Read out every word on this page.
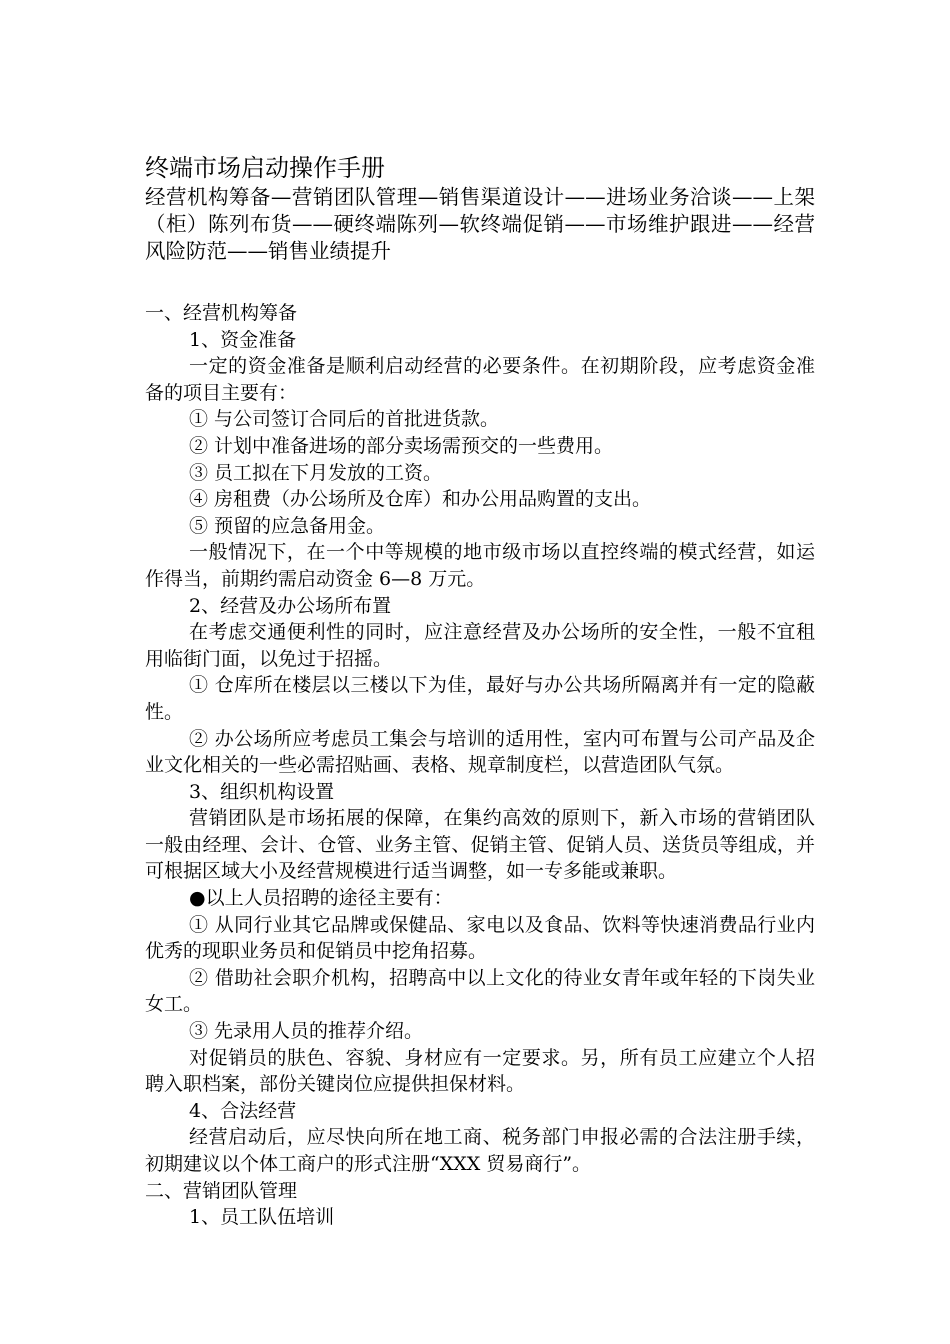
终端市场启动操作手册

经营机构筹备—营销团队管理—销售渠道设计——进场业务洽谈——上架（柜）陈列布货——硬终端陈列—软终端促销——市场维护跟进——经营风险防范——销售业绩提升

一、经营机构筹备

1、资金准备

一定的资金准备是顺利启动经营的必要条件。在初期阶段，应考虑资金准备的项目主要有：

① 与公司签订合同后的首批进货款。

② 计划中准备进场的部分卖场需预交的一些费用。

③ 员工拟在下月发放的工资。

④ 房租费（办公场所及仓库）和办公用品购置的支出。

⑤ 预留的应急备用金。

一般情况下，在一个中等规模的地市级市场以直控终端的模式经营，如运作得当，前期约需启动资金 6—8 万元。

2、经营及办公场所布置

在考虑交通便利性的同时，应注意经营及办公场所的安全性，一般不宜租用临街门面，以免过于招摇。

① 仓库所在楼层以三楼以下为佳，最好与办公共场所隔离并有一定的隐蔽性。

② 办公场所应考虑员工集会与培训的适用性，室内可布置与公司产品及企业文化相关的一些必需招贴画、表格、规章制度栏，以营造团队气氛。

3、组织机构设置

营销团队是市场拓展的保障，在集约高效的原则下，新入市场的营销团队一般由经理、会计、仓管、业务主管、促销主管、促销人员、送货员等组成，并可根据区域大小及经营规模进行适当调整，如一专多能或兼职。

●以上人员招聘的途径主要有：

① 从同行业其它品牌或保健品、家电以及食品、饮料等快速消费品行业内优秀的现职业务员和促销员中挖角招募。

② 借助社会职介机构，招聘高中以上文化的待业女青年或年轻的下岗失业女工。

③ 先录用人员的推荐介绍。

对促销员的肤色、容貌、身材应有一定要求。另，所有员工应建立个人招聘入职档案，部份关键岗位应提供担保材料。

4、合法经营

经营启动后，应尽快向所在地工商、税务部门申报必需的合法注册手续，初期建议以个体工商户的形式注册“XXX 贸易商行”。

二、营销团队管理

1、员工队伍培训
